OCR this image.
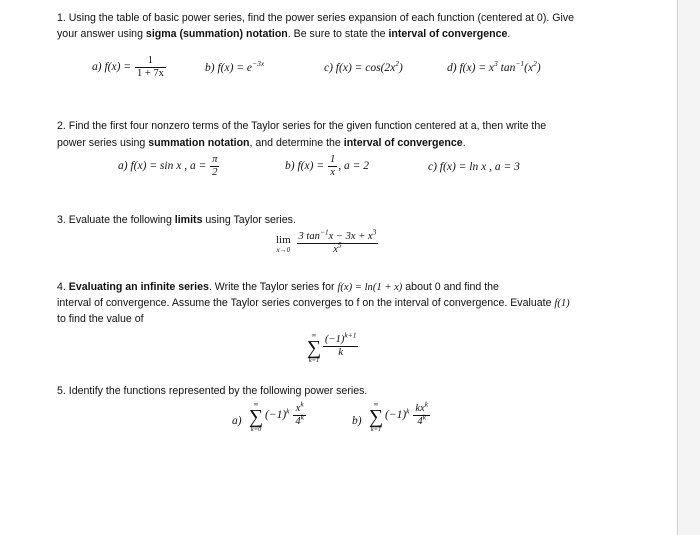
1. Using the table of basic power series, find the power series expansion of each function (centered at 0). Give
your answer using sigma (summation) notation. Be sure to state the interval of convergence.
a) $f(x) = \frac{1}{1 + 7x}$	b) $f(x) = e^{-3x}$	c) $f(x) = \cos(2x^2)$	d) $f(x) = x^3$ $\tan^{-1}(x^2)$
2. Find the first four nonzero terms of the Taylor series for the given function centered at a, then write the
power series using summation notation, and determine the interval of convergence.
a) f(x) = sin x , $a = \frac{\pi}{2}$	b) $f(x) = \frac{1}{x}$ , a = 2	c) f(x) = ln x , a = 3
3. Evaluate the following limits using Taylor series.
lim
x→0
$\frac{3 \tan^{-1}x - 3x + x^3}{x^5}$
4. Evaluating an infinite series. Write the Taylor series for f(x) = ln(1 + x) about 0 and find the
interval of convergence. Assume the Taylor series converges to f on the interval of convergence. Evaluate f(1)
to find the value of
∞
∑
k=1
$\frac{(-1)^{k+1}}{k}$
5. Identify the functions represented by the following power series.
a)
∞
∑
k=0
$(-1)^k \frac{x^k}{4^k}$	b)
∞
∑
k=1
$(-1)^k \frac{kx^k}{4^k}$
